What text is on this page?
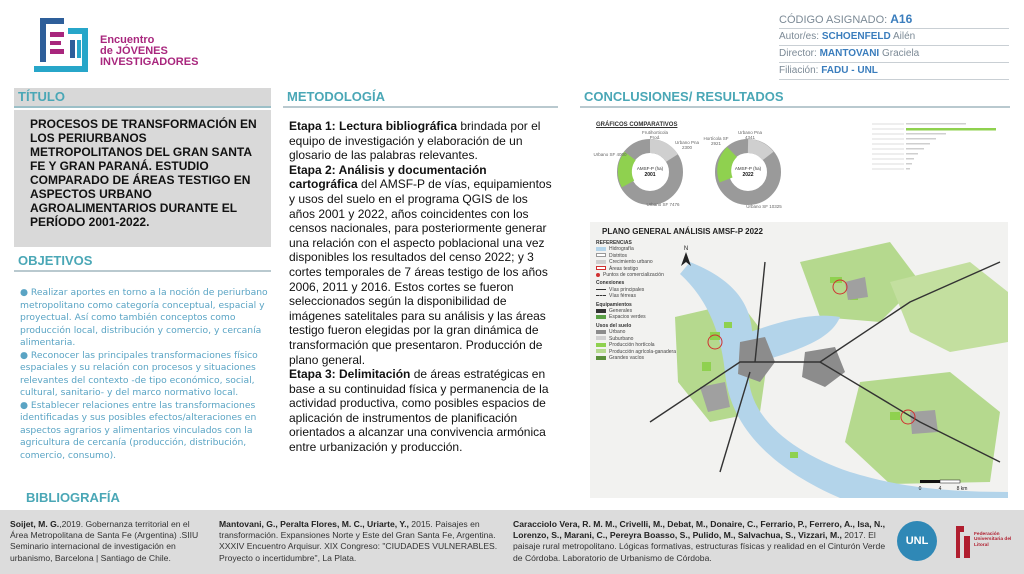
Encuentro
de JÓVENES
INVESTIGADORES
CÓDIGO ASIGNADO: A16
Autor/es: SCHOENFELD Ailén
Director: MANTOVANI Graciela
Filiación: FADU - UNL
TÍTULO

PROCESOS DE TRANSFORMACIÓN EN LOS PERIURBANOS METROPOLITANOS DEL GRAN SANTA FE Y GRAN PARANÁ. ESTUDIO COMPARADO DE ÁREAS TESTIGO EN ASPECTOS URBANO AGROALIMENTARIOS DURANTE EL PERÍODO 2001-2022.

OBJETIVOS
● Realizar aportes en torno a la noción de periurbano metropolitano como categoría conceptual, espacial y proyectual. Así como también conceptos como producción local, distribución y comercio, y cercanía alimentaria.
● Reconocer las principales transformaciones físico espaciales y su relación con procesos y situaciones relevantes del contexto -de tipo económico, social, cultural, sanitario- y del marco normativo local.
● Establecer relaciones entre las transformaciones identificadas y sus posibles efectos/alteraciones en aspectos agrarios y alimentarios vinculados con la agricultura de cercanía (producción, distribución, comercio, consumo).
METODOLOGÍA
Etapa 1: Lectura bibliográfica brindada por el equipo de investigación y elaboración de un glosario de las palabras relevantes.
Etapa 2: Análisis y documentación cartográfica del AMSF-P de vías, equipamientos y usos del suelo en el programa QGIS de los años 2001 y 2022, años coincidentes con los censos nacionales, para posteriormente generar una relación con el aspecto poblacional una vez disponibles los resultados del censo 2022; y 3 cortes temporales de 7 áreas testigo de los años 2006, 2011 y 2016. Estos cortes se fueron seleccionados según la disponibilidad de imágenes satelitales para su análisis y las áreas testigo fueron elegidas por la gran dinámica de transformación que presentaron. Producción de plano general.
Etapa 3: Delimitación de áreas estratégicas en base a su continuidad física y permanencia de la actividad productiva, como posibles espacios de aplicación de instrumentos de planificación orientados a alcanzar una convivencia armónica entre urbanización y producción.
CONCLUSIONES/ RESULTADOS
GRÁFICOS COMPARATIVOS
AMSF-P (ha)
2001
AMSF-P (ha)
2022
Urbano SF 4000
Frutihorticola Prod.
Urbano Pna 2300
Urbano SF 7476
Hortícola SF 2921
Urbano Pna 4341
Urbano SF 10325
PLANO GENERAL ANÁLISIS AMSF-P 2022
0	4	8 km
N
REFERENCIAS
Hidrografía
Distritos
Crecimiento urbano
Áreas testigo
Puntos de comercialización
Conexiones
Vías principales
Vías férreas
Equipamientos
Generales
Espacios verdes
Usos del suelo
Urbano
Suburbano
Producción hortícola
Producción agrícola-ganadera
Grandes vacíos
BIBLIOGRAFÍA
Soijet, M. G.,2019. Gobernanza territorial en el Área Metropolitana de Santa Fe (Argentina) .SIIU Seminario internacional de investigación en urbanismo, Barcelona | Santiago de Chile.
Mantovani, G., Peralta Flores, M. C., Uriarte, Y., 2015. Paisajes en transformación. Expansiones Norte y Este del Gran Santa Fe, Argentina. XXXIV Encuentro Arquisur. XIX Congreso: "CIUDADES VULNERABLES. Proyecto o incertidumbre", La Plata.
Caracciolo Vera, R. M. M., Crivelli, M., Debat, M., Donaire, C., Ferrario, P., Ferrero, A., Isa, N., Lorenzo, S., Marani, C., Pereyra Boasso, S., Pulido, M., Salvachua, S., Vizzari, M., 2017. El paisaje rural metropolitano. Lógicas formativas, estructuras físicas y realidad en el Cinturón Verde de Córdoba. Laboratorio de Urbanismo de Córdoba.
UNL
Federación Universitaria del Litoral
